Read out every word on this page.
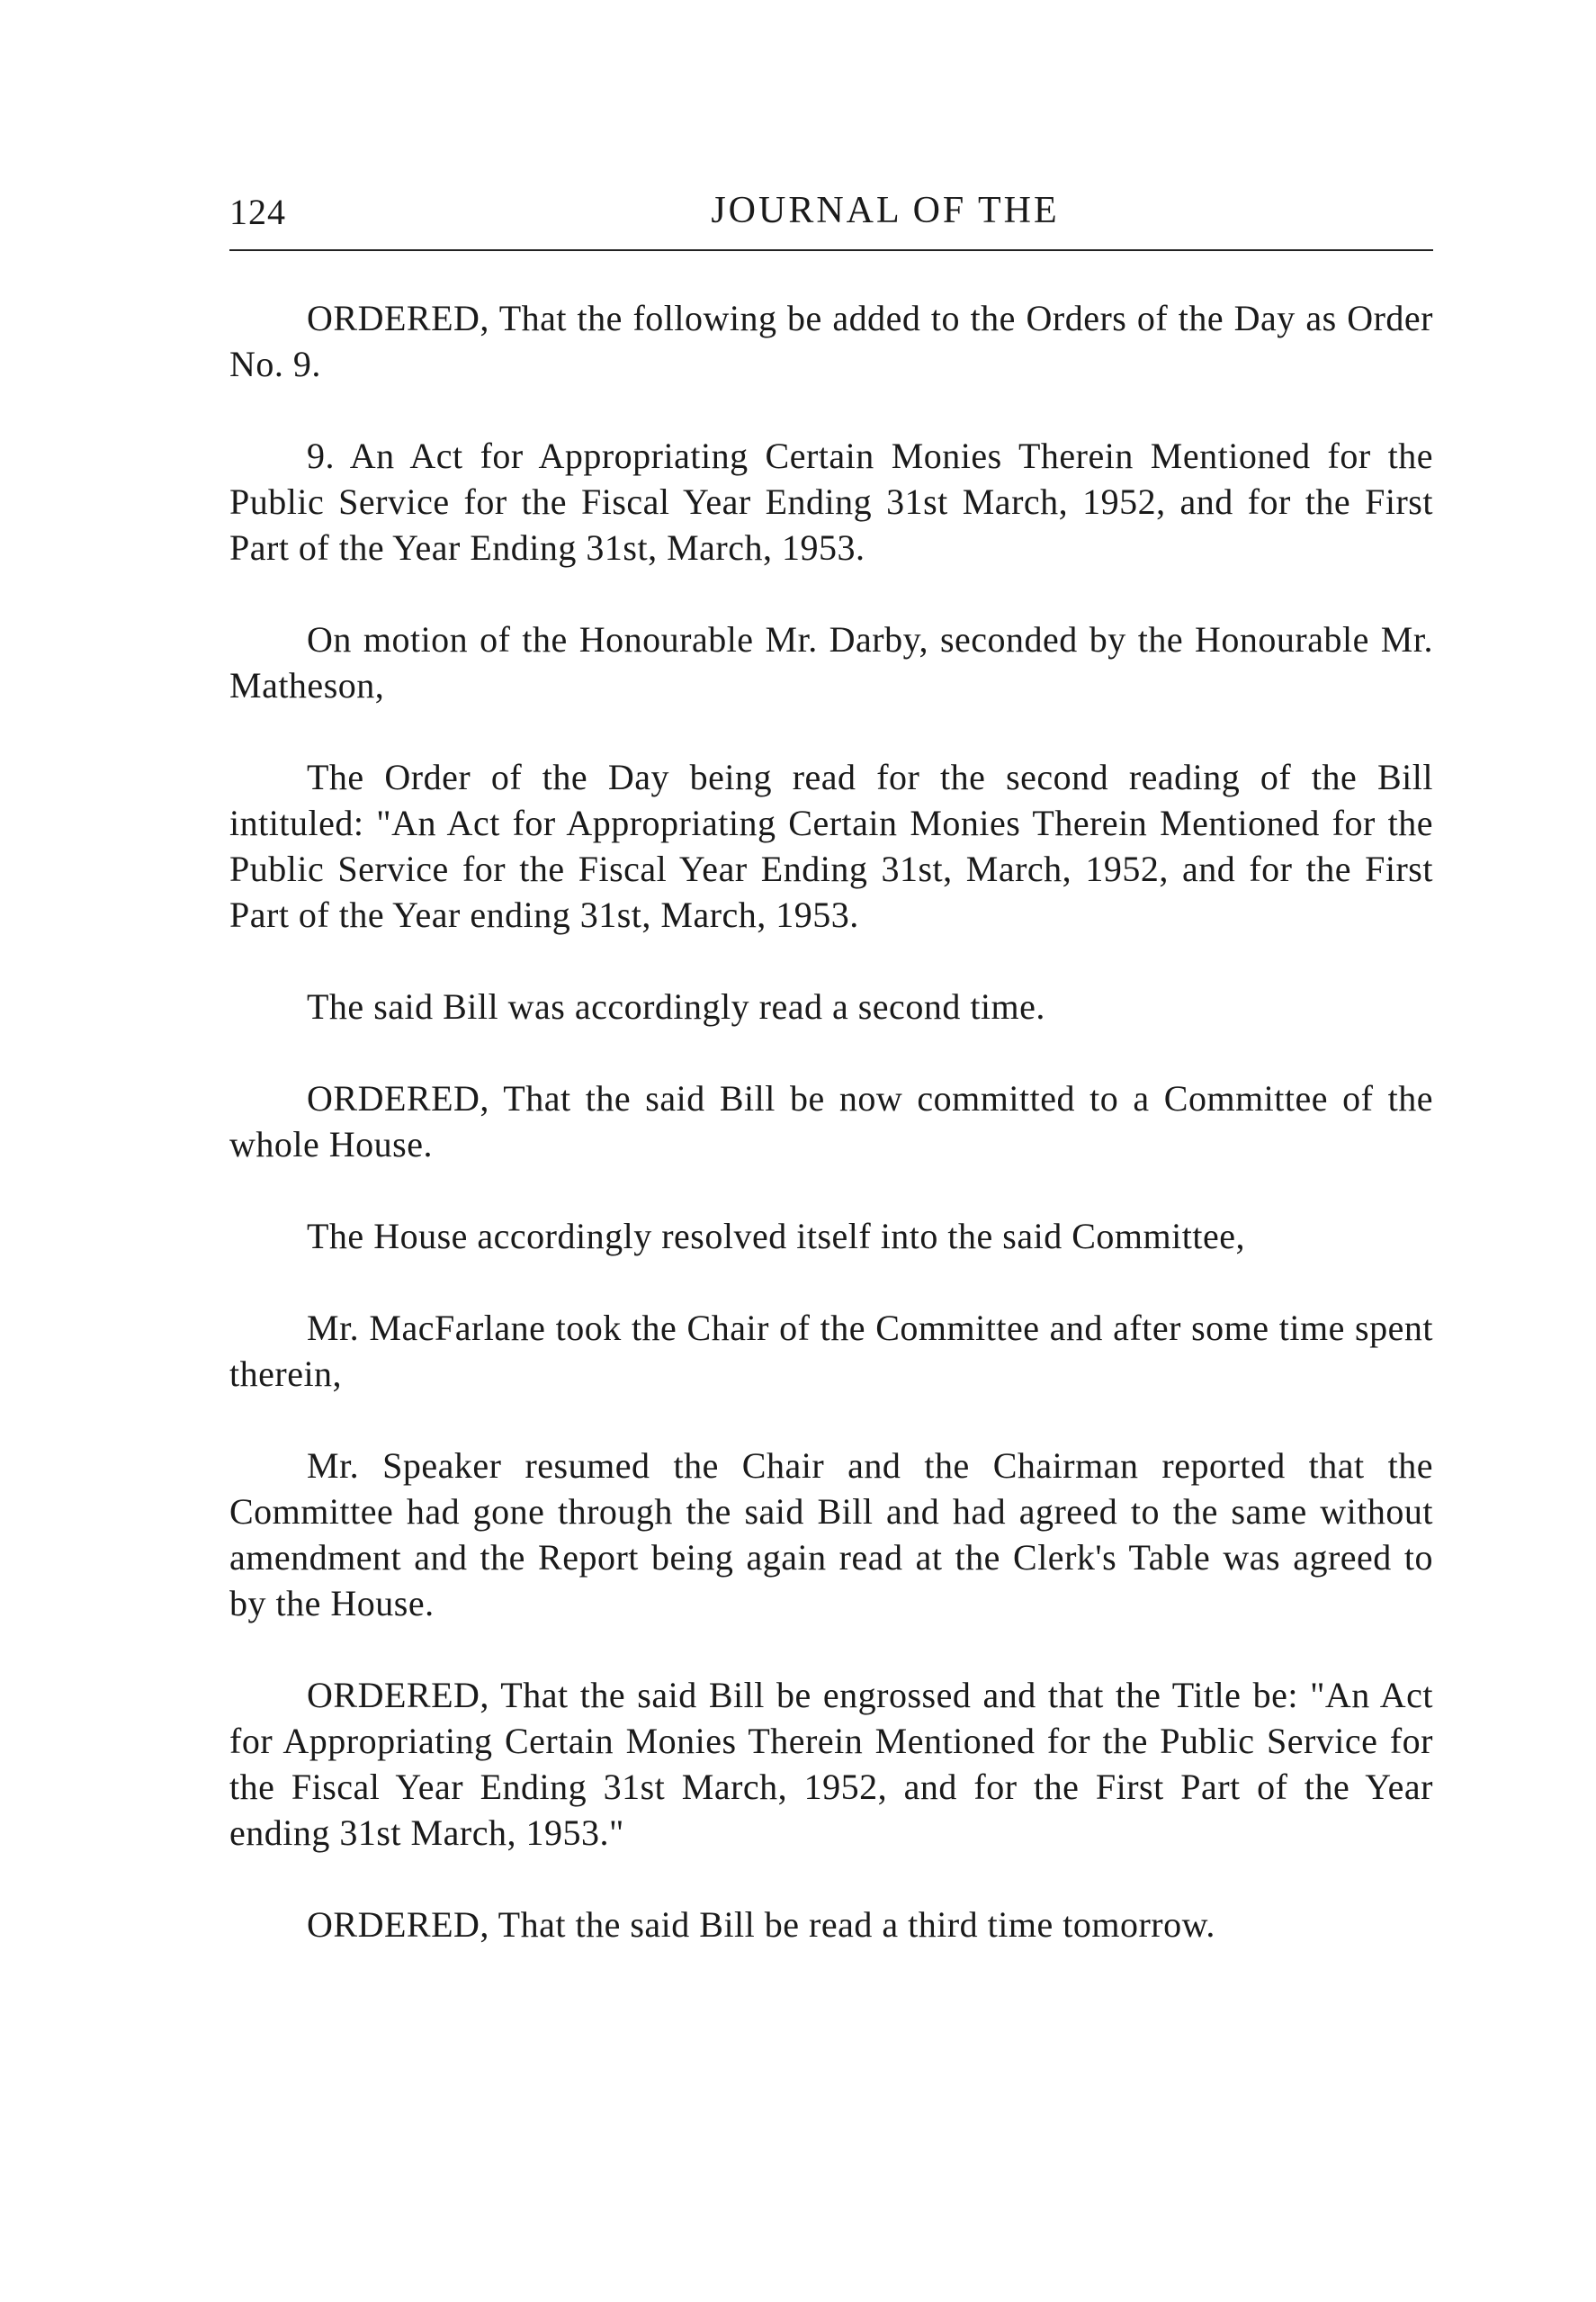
124	JOURNAL OF THE

ORDERED, That the following be added to the Orders of the Day as Order No. 9.

9. An Act for Appropriating Certain Monies Therein Mentioned for the Public Service for the Fiscal Year Ending 31st March, 1952, and for the First Part of the Year Ending 31st, March, 1953.

On motion of the Honourable Mr. Darby, seconded by the Honourable Mr. Matheson,

The Order of the Day being read for the second reading of the Bill intituled: "An Act for Appropriating Certain Monies Therein Mentioned for the Public Service for the Fiscal Year Ending 31st, March, 1952, and for the First Part of the Year ending 31st, March, 1953.

The said Bill was accordingly read a second time.

ORDERED, That the said Bill be now committed to a Committee of the whole House.

The House accordingly resolved itself into the said Committee,

Mr. MacFarlane took the Chair of the Committee and after some time spent therein,

Mr. Speaker resumed the Chair and the Chairman reported that the Committee had gone through the said Bill and had agreed to the same without amendment and the Report being again read at the Clerk's Table was agreed to by the House.

ORDERED, That the said Bill be engrossed and that the Title be: "An Act for Appropriating Certain Monies Therein Mentioned for the Public Service for the Fiscal Year Ending 31st March, 1952, and for the First Part of the Year ending 31st March, 1953."

ORDERED, That the said Bill be read a third time tomorrow.
